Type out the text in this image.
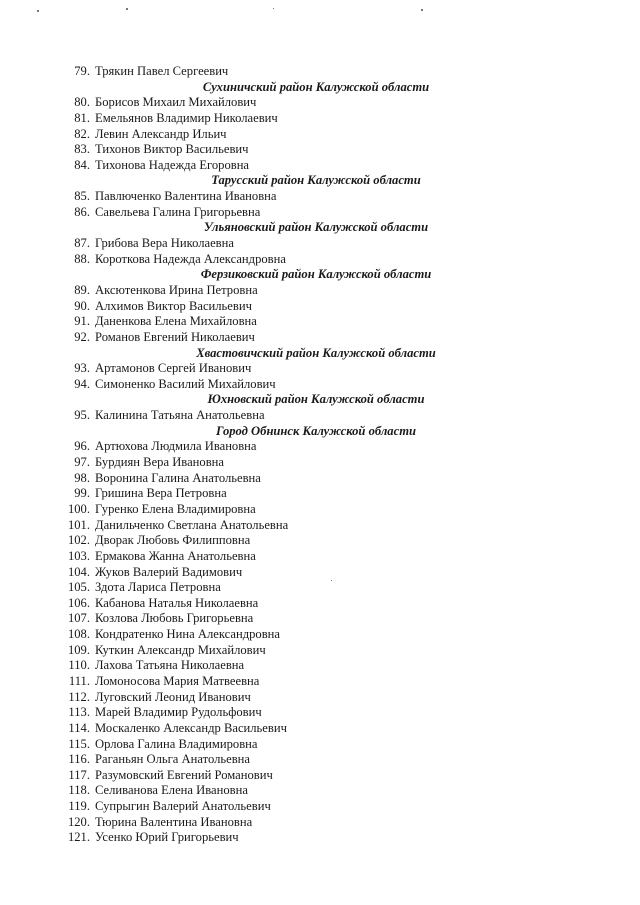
79. Трякин Павел Сергеевич
Сухиничский район Калужской области
80. Борисов Михаил Михайлович
81. Емельянов Владимир Николаевич
82. Левин Александр Ильич
83. Тихонов Виктор Васильевич
84. Тихонова Надежда Егоровна
Тарусский район Калужской области
85. Павлюченко Валентина Ивановна
86. Савельева Галина Григорьевна
Ульяновский район Калужской области
87. Грибова Вера Николаевна
88. Короткова Надежда Александровна
Ферзиковский район Калужской области
89. Аксютенкова Ирина Петровна
90. Алхимов Виктор Васильевич
91. Даненкова Елена Михайловна
92. Романов Евгений Николаевич
Хвастовичский район Калужской области
93. Артамонов Сергей Иванович
94. Симоненко Василий Михайлович
Юхновский район Калужской области
95. Калинина Татьяна Анатольевна
Город Обнинск Калужской области
96. Артюхова Людмила Ивановна
97. Бурдиян Вера Ивановна
98. Воронина Галина Анатольевна
99. Гришина Вера Петровна
100. Гуренко Елена Владимировна
101. Данильченко Светлана Анатольевна
102. Дворак Любовь Филипповна
103. Ермакова Жанна Анатольевна
104. Жуков Валерий Вадимович
105. Здота Лариса Петровна
106. Кабанова Наталья Николаевна
107. Козлова Любовь Григорьевна
108. Кондратенко Нина Александровна
109. Куткин Александр Михайлович
110. Лахова Татьяна Николаевна
111. Ломоносова Мария Матвеевна
112. Луговский Леонид Иванович
113. Марей Владимир Рудольфович
114. Москаленко Александр Васильевич
115. Орлова Галина Владимировна
116. Раганьян Ольга Анатольевна
117. Разумовский Евгений Романович
118. Селиванова Елена Ивановна
119. Супрыгин Валерий Анатольевич
120. Тюрина Валентина Ивановна
121. Усенко Юрий Григорьевич
